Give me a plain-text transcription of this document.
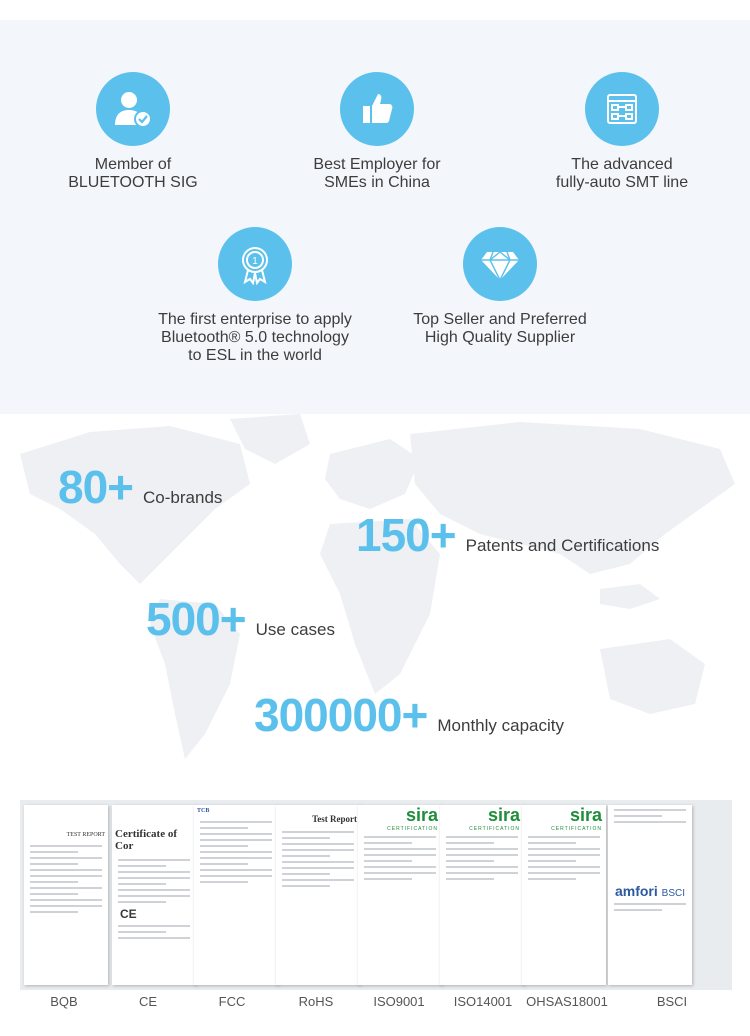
Member of
BLUETOOTH SIG
Best Employer for
SMEs in China
The advanced
fully-auto SMT line
1
The first enterprise to apply
Bluetooth® 5.0 technology
to ESL in the world
Top Seller and Preferred
High Quality Supplier
80+ Co-brands
150+ Patents and Certifications
500+ Use cases
300000+ Monthly capacity
TEST REPORT Certificate of Cor
CE
TCB
Test Report	sira
CERTIFICATION
sira
CERTIFICATION
sira
CERTIFICATION
amfori BSCI
BQB	CE	FCC	RoHS	ISO9001	ISO14001	OHSAS18001	BSCI
